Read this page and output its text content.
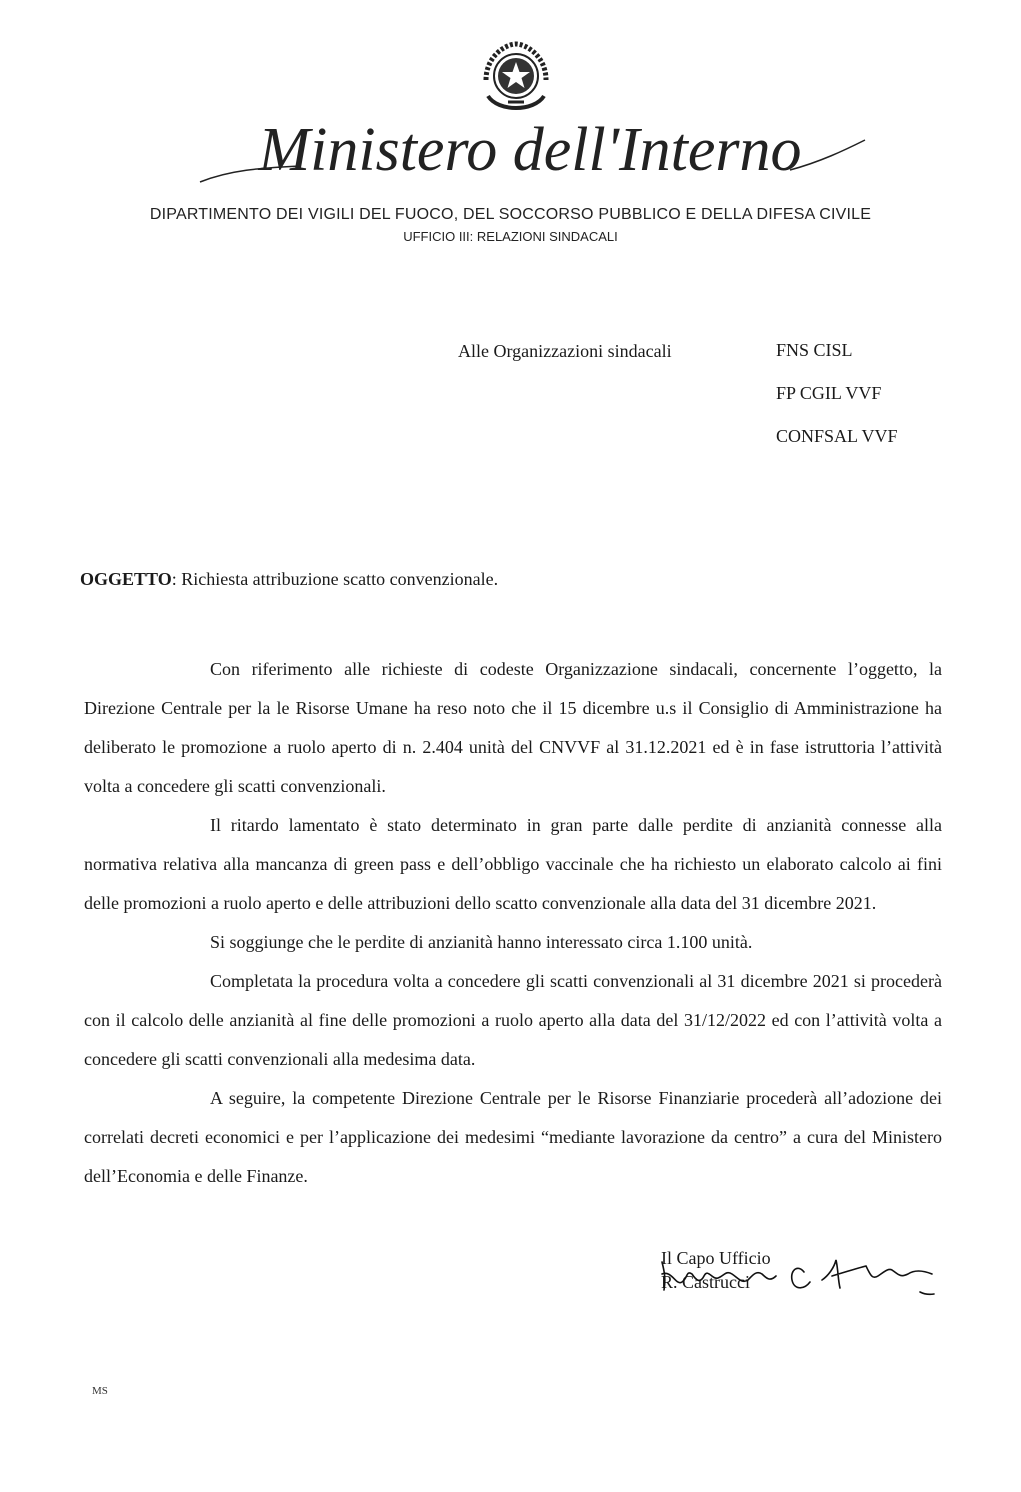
Ministero dell'Interno
DIPARTIMENTO DEI VIGILI DEL FUOCO, DEL SOCCORSO PUBBLICO E DELLA DIFESA CIVILE
UFFICIO III: RELAZIONI SINDACALI
Alle Organizzazioni sindacali	FNS CISL
FP CGIL VVF
CONFSAL VVF
OGGETTO: Richiesta attribuzione scatto convenzionale.

Con riferimento alle richieste di codeste Organizzazione sindacali, concernente l’oggetto, la Direzione Centrale per la le Risorse Umane ha reso noto che il 15 dicembre u.s il Consiglio di Amministrazione ha deliberato le promozione a ruolo aperto di n. 2.404 unità del CNVVF al 31.12.2021 ed è in fase istruttoria l’attività volta a concedere gli scatti convenzionali.

Il ritardo lamentato è stato determinato in gran parte dalle perdite di anzianità connesse alla normativa relativa alla mancanza di green pass e dell’obbligo vaccinale che ha richiesto un elaborato calcolo ai fini delle promozioni a ruolo aperto e delle attribuzioni dello scatto convenzionale alla data del 31 dicembre 2021.

Si soggiunge che le perdite di anzianità hanno interessato circa 1.100 unità.

Completata la procedura volta a concedere gli scatti convenzionali al 31 dicembre 2021 si procederà con il calcolo delle anzianità al fine delle promozioni a ruolo aperto alla data del 31/12/2022 ed con l’attività volta a concedere gli scatti convenzionali alla medesima data.

A seguire, la competente Direzione Centrale per le Risorse Finanziarie procederà all’adozione dei correlati decreti economici e per l’applicazione dei medesimi “mediante lavorazione da centro” a cura del Ministero dell’Economia e delle Finanze.

Il Capo Ufficio
R. Castrucci
MS
